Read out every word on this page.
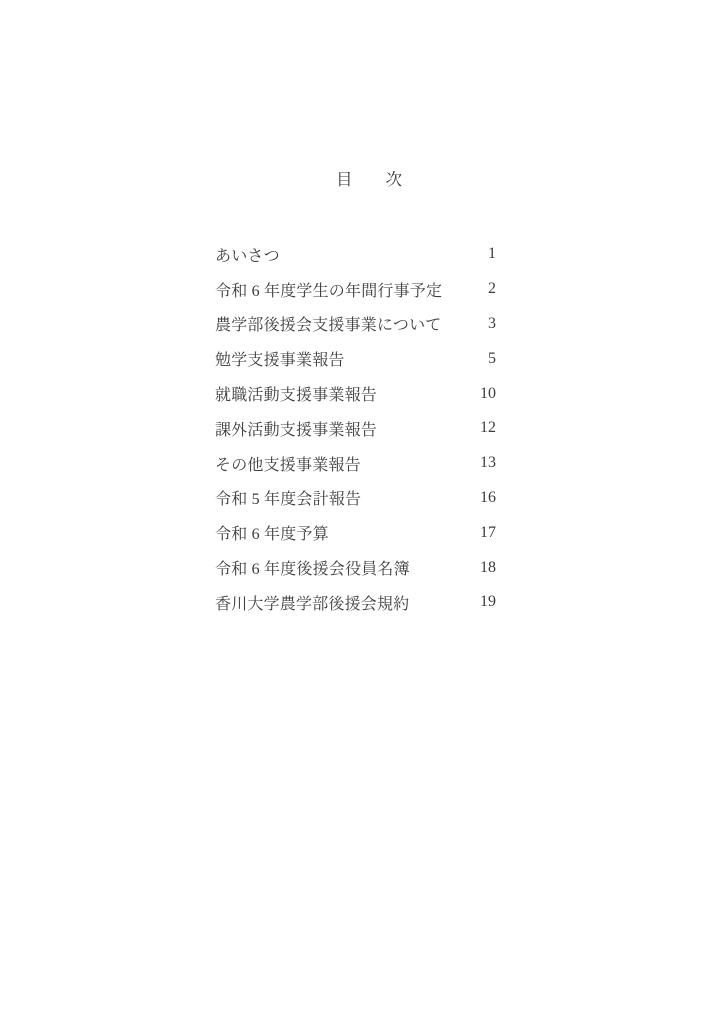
目　　次
あいさつ	1
令和 6 年度学生の年間行事予定	2
農学部後援会支援事業について	3
勉学支援事業報告	5
就職活動支援事業報告	10
課外活動支援事業報告	12
その他支援事業報告	13
令和 5 年度会計報告	16
令和 6 年度予算	17
令和 6 年度後援会役員名簿	18
香川大学農学部後援会規約	19
